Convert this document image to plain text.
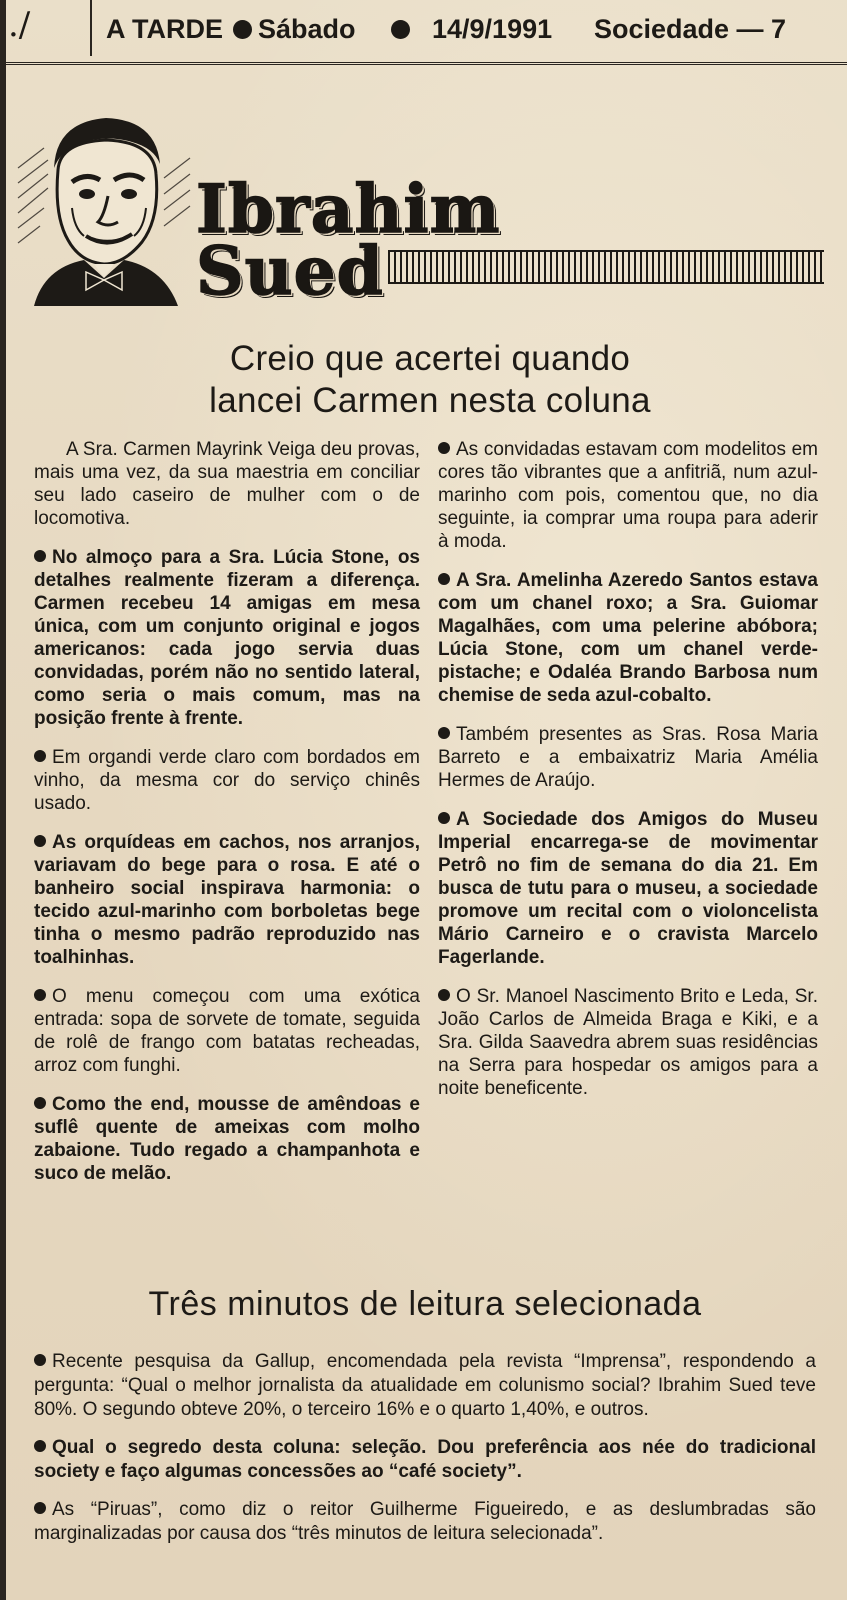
./	A TARDE Sábado	14/9/1991 Sociedade — 7
Ibrahim
Sued
Creio que acertei quando
lancei Carmen nesta coluna

A Sra. Carmen Mayrink Veiga deu provas, mais uma vez, da sua maestria em conciliar seu lado caseiro de mulher com o de locomotiva.

No almoço para a Sra. Lúcia Stone, os detalhes realmente fizeram a diferença. Carmen recebeu 14 amigas em mesa única, com um conjunto original e jogos americanos: cada jogo servia duas convidadas, porém não no sentido lateral, como seria o mais comum, mas na posição frente à frente.

Em organdi verde claro com bordados em vinho, da mesma cor do serviço chinês usado.

As orquídeas em cachos, nos arranjos, variavam do bege para o rosa. E até o banheiro social inspirava harmonia: o tecido azul-marinho com borboletas bege tinha o mesmo padrão reproduzido nas toalhinhas.

O menu começou com uma exótica entrada: sopa de sorvete de tomate, seguida de rolê de frango com batatas recheadas, arroz com funghi.

Como the end, mousse de amêndoas e suflê quente de ameixas com molho zabaione. Tudo regado a champanhota e suco de melão.

As convidadas estavam com modelitos em cores tão vibrantes que a anfitriã, num azul-marinho com pois, comentou que, no dia seguinte, ia comprar uma roupa para aderir à moda.

A Sra. Amelinha Azeredo Santos estava com um chanel roxo; a Sra. Guiomar Magalhães, com uma pelerine abóbora; Lúcia Stone, com um chanel verde-pistache; e Odaléa Brando Barbosa num chemise de seda azul-cobalto.

Também presentes as Sras. Rosa Maria Barreto e a embaixatriz Maria Amélia Hermes de Araújo.

A Sociedade dos Amigos do Museu Imperial encarrega-se de movimentar Petrô no fim de semana do dia 21. Em busca de tutu para o museu, a sociedade promove um recital com o violoncelista Mário Carneiro e o cravista Marcelo Fagerlande.

O Sr. Manoel Nascimento Brito e Leda, Sr. João Carlos de Almeida Braga e Kiki, e a Sra. Gilda Saavedra abrem suas residências na Serra para hospedar os amigos para a noite beneficente.

Três minutos de leitura selecionada

Recente pesquisa da Gallup, encomendada pela revista “Imprensa”, respondendo a pergunta: “Qual o melhor jornalista da atualidade em colunismo social? Ibrahim Sued teve 80%. O segundo obteve 20%, o terceiro 16% e o quarto 1,40%, e outros.

Qual o segredo desta coluna: seleção. Dou preferência aos née do tradicional society e faço algumas concessões ao “café society”.

As “Piruas”, como diz o reitor Guilherme Figueiredo, e as deslumbradas são marginalizadas por causa dos “três minutos de leitura selecionada”.
